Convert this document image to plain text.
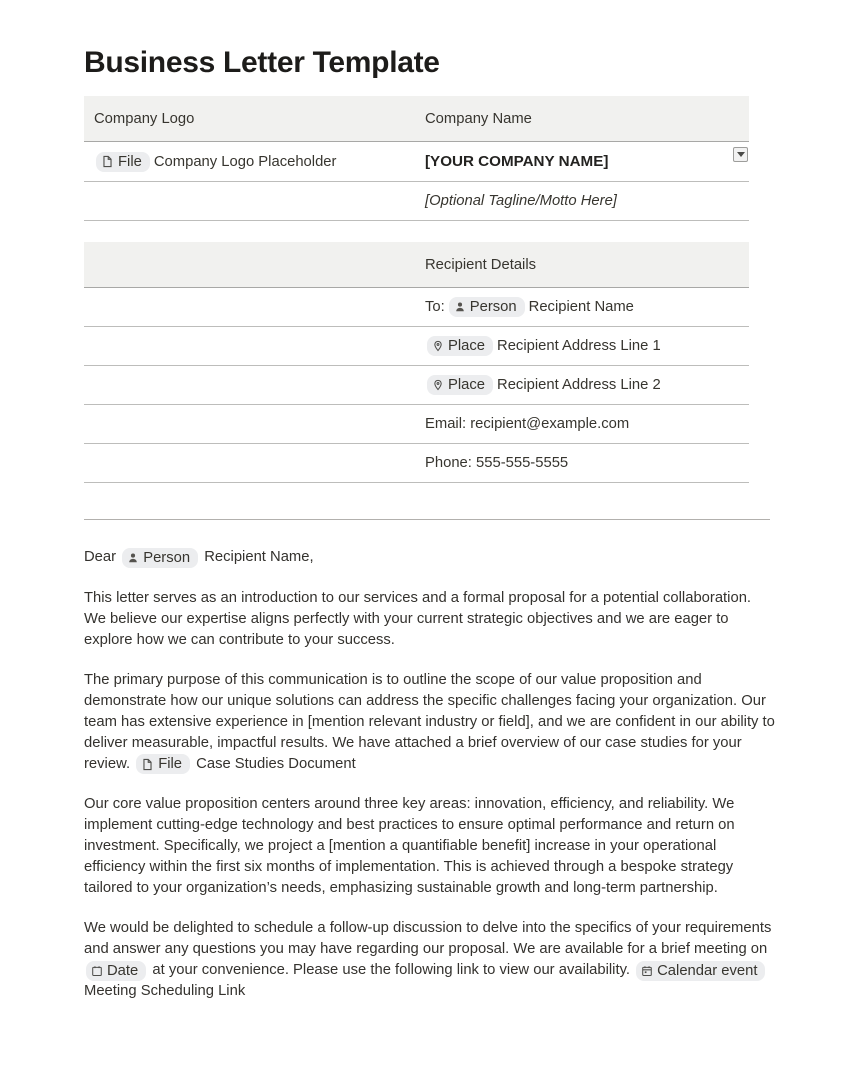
Business Letter Template
Company Logo	Company Name
File Company Logo Placeholder	[YOUR COMPANY NAME]
[Optional Tagline/Motto Here]
Recipient Details
To: Person Recipient Name
Place Recipient Address Line 1
Place Recipient Address Line 2
Email: recipient@example.com
Phone: 555-555-5555
Dear Person Recipient Name,

This letter serves as an introduction to our services and a formal proposal for a potential collaboration. We believe our expertise aligns perfectly with your current strategic objectives and we are eager to explore how we can contribute to your success.

The primary purpose of this communication is to outline the scope of our value proposition and demonstrate how our unique solutions can address the specific challenges facing your organization. Our team has extensive experience in [mention relevant industry or field], and we are confident in our ability to deliver measurable, impactful results. We have attached a brief overview of our case studies for your review. File Case Studies Document

Our core value proposition centers around three key areas: innovation, efficiency, and reliability. We implement cutting-edge technology and best practices to ensure optimal performance and return on investment. Specifically, we project a [mention a quantifiable benefit] increase in your operational efficiency within the first six months of implementation. This is achieved through a bespoke strategy tailored to your organization’s needs, emphasizing sustainable growth and long-term partnership.

We would be delighted to schedule a follow-up discussion to delve into the specifics of your requirements and answer any questions you may have regarding our proposal. We are available for a brief meeting on
Date at your convenience. Please use the following link to view our availability. Calendar event
Meeting Scheduling Link
